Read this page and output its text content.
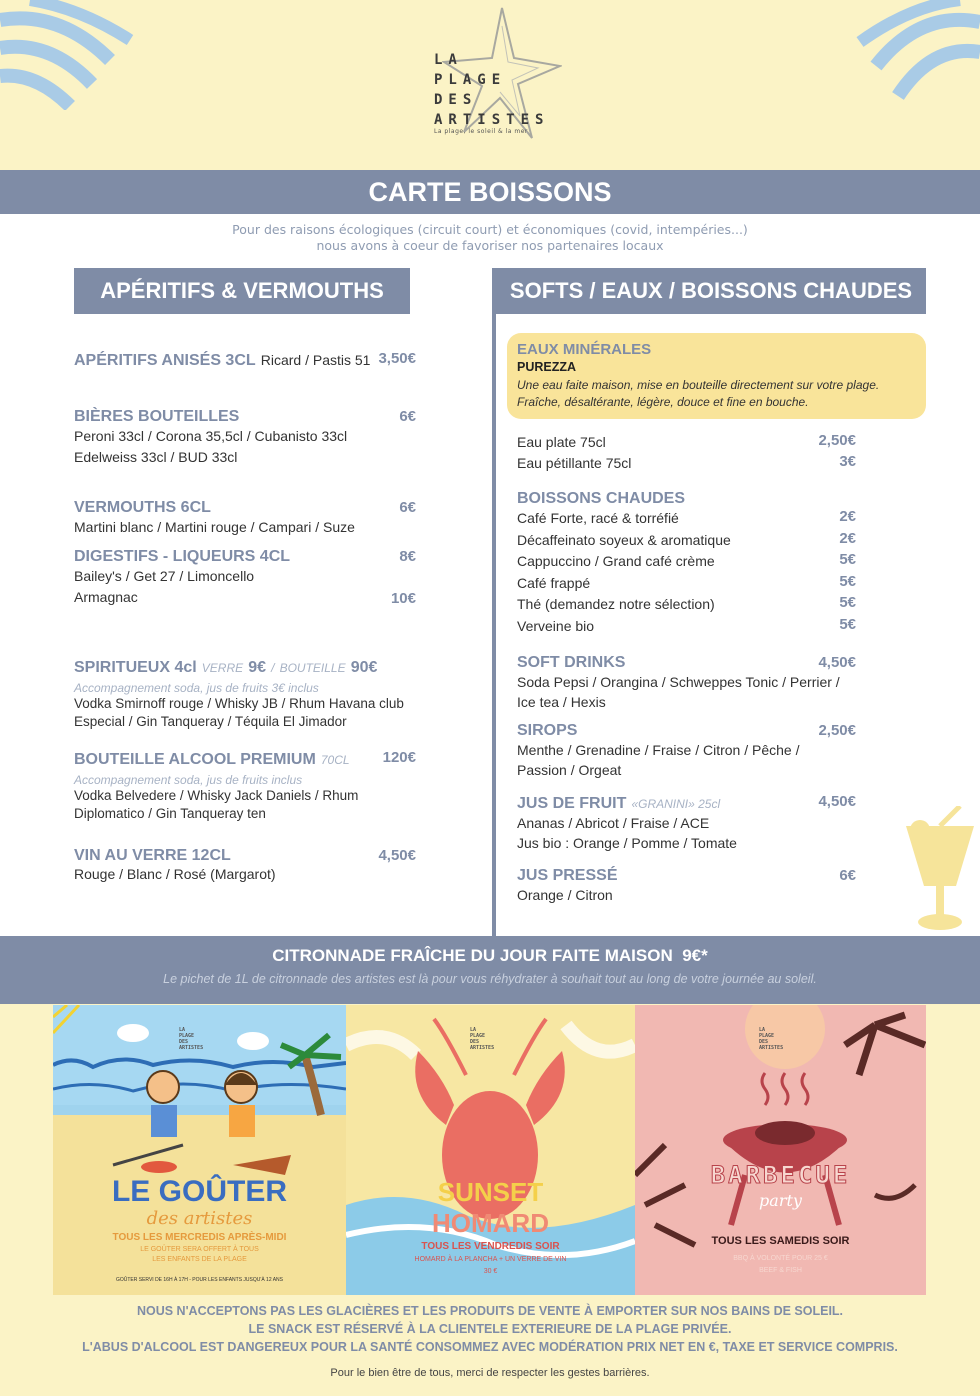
LA
PLAGE
DES
ARTISTES
La plage, le soleil & la mer
CARTE BOISSONS
Pour des raisons écologiques (circuit court) et économiques (covid, intempéries...)
nous avons à coeur de favoriser nos partenaires locaux
APÉRITIFS & VERMOUTHS	SOFTS / EAUX / BOISSONS CHAUDES
APÉRITIFS ANISÉS 3CL Ricard / Pastis 51 3,50€
BIÈRES BOUTEILLES	6€
Peroni 33cl / Corona 35,5cl / Cubanisto 33cl
Edelweiss 33cl / BUD 33cl
VERMOUTHS 6CL	6€
Martini blanc / Martini rouge / Campari / Suze
DIGESTIFS - LIQUEURS 4CL	8€
Bailey's / Get 27 / Limoncello
Armagnac	10€
SPIRITUEUX 4cl VERRE 9€ / BOUTEILLE 90€
Accompagnement soda, jus de fruits 3€ inclus
Vodka Smirnoff rouge / Whisky JB / Rhum Havana club
Especial / Gin Tanqueray / Téquila El Jimador
BOUTEILLE ALCOOL PREMIUM 70CL	120€
Accompagnement soda, jus de fruits inclus
Vodka Belvedere / Whisky Jack Daniels / Rhum
Diplomatico / Gin Tanqueray ten
VIN AU VERRE 12CL	4,50€
Rouge / Blanc / Rosé (Margarot)
EAUX MINÉRALES
PUREZZA
Une eau faite maison, mise en bouteille directement sur votre plage.
Fraîche, désaltérante, légère, douce et fine en bouche.
Eau plate 75cl	2,50€
Eau pétillante 75cl	3€
BOISSONS CHAUDES
Café Forte, racé & torréfié	2€
Décaffeinato soyeux & aromatique	2€
Cappuccino / Grand café crème	5€
Café frappé	5€
Thé (demandez notre sélection)	5€
Verveine bio	5€
SOFT DRINKS	4,50€
Soda Pepsi / Orangina / Schweppes Tonic / Perrier /
Ice tea / Hexis
SIROPS	2,50€
Menthe / Grenadine / Fraise / Citron / Pêche /
Passion / Orgeat
JUS DE FRUIT «GRANINI» 25cl	4,50€
Ananas / Abricot / Fraise / ACE
Jus bio : Orange / Pomme / Tomate
JUS PRESSÉ	6€
Orange / Citron
CITRONNADE FRAÎCHE DU JOUR FAITE MAISON 9€*
Le pichet de 1L de citronnade des artistes est là pour vous réhydrater à souhait tout au long de votre journée au soleil.
LA
PLAGE
DES
ARTISTES
LE GOÛTER
des artistes
TOUS LES MERCREDIS APRÈS-MIDI
LE GOÛTER SERA OFFERT À TOUS
LES ENFANTS DE LA PLAGE
GOÛTER SERVI DE 16H À 17H - POUR LES ENFANTS JUSQU'À 12 ANS
LA
PLAGE
DES
ARTISTES
SUNSET
HOMARD
TOUS LES VENDREDIS SOIR
HOMARD À LA PLANCHA + UN VERRE DE VIN
30 €
LA
PLAGE
DES
ARTISTES
BARBECUE
party
TOUS LES SAMEDIS SOIR
BBQ À VOLONTÉ POUR 25 €
BEEF & FISH
NOUS N'ACCEPTONS PAS LES GLACIÈRES ET LES PRODUITS DE VENTE À EMPORTER SUR NOS BAINS DE SOLEIL.
LE SNACK EST RÉSERVÉ À LA CLIENTELE EXTERIEURE DE LA PLAGE PRIVÉE.
L'ABUS D'ALCOOL EST DANGEREUX POUR LA SANTÉ CONSOMMEZ AVEC MODÉRATION PRIX NET EN €, TAXE ET SERVICE COMPRIS.
Pour le bien être de tous, merci de respecter les gestes barrières.
